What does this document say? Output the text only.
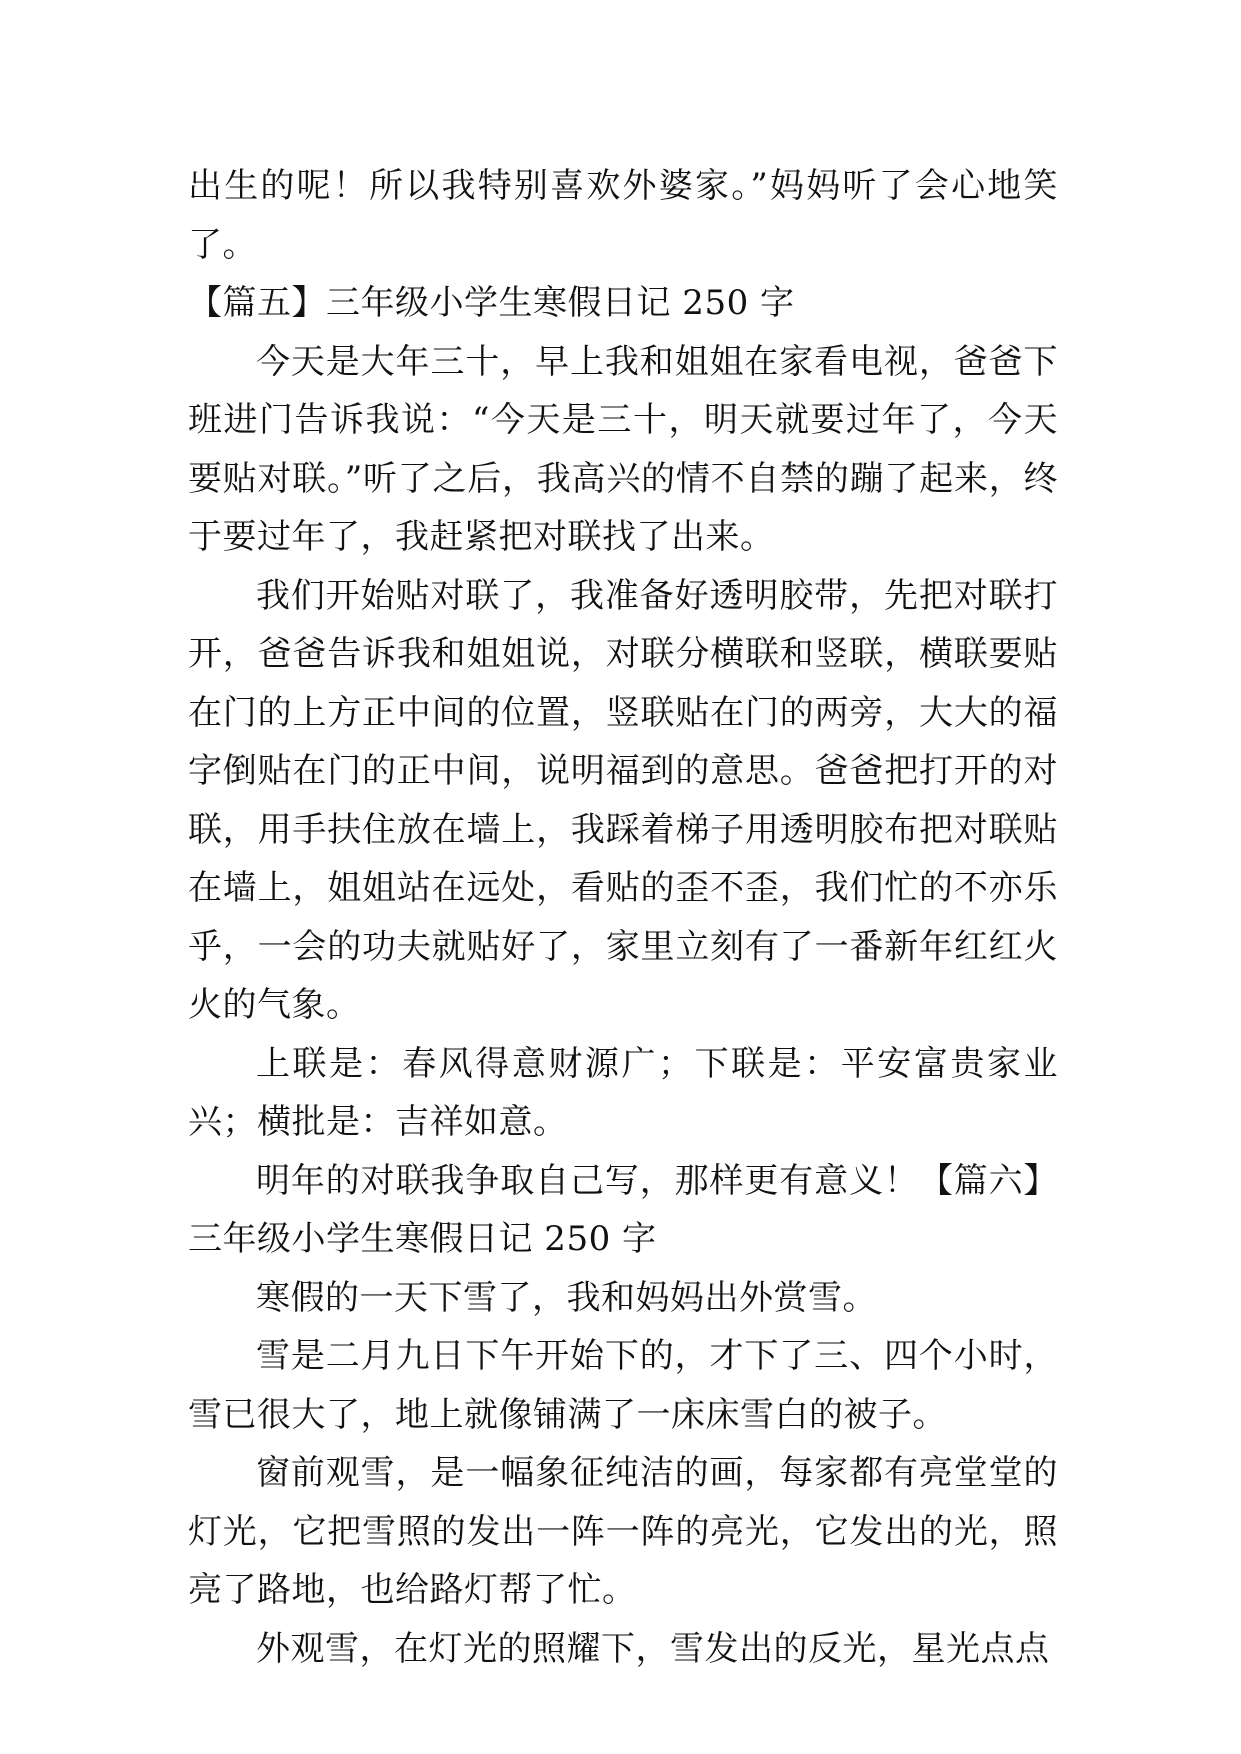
出生的呢！所以我特别喜欢外婆家。”妈妈听了会心地笑了。

【篇五】三年级小学生寒假日记 250 字

今天是大年三十，早上我和姐姐在家看电视，爸爸下班进门告诉我说：“今天是三十，明天就要过年了，今天要贴对联。”听了之后，我高兴的情不自禁的蹦了起来，终于要过年了，我赶紧把对联找了出来。

我们开始贴对联了，我准备好透明胶带，先把对联打开，爸爸告诉我和姐姐说，对联分横联和竖联，横联要贴在门的上方正中间的位置，竖联贴在门的两旁，大大的福字倒贴在门的正中间，说明福到的意思。爸爸把打开的对联，用手扶住放在墙上，我踩着梯子用透明胶布把对联贴在墙上，姐姐站在远处，看贴的歪不歪，我们忙的不亦乐乎，一会的功夫就贴好了，家里立刻有了一番新年红红火火的气象。

上联是：春风得意财源广；下联是：平安富贵家业兴；横批是：吉祥如意。

明年的对联我争取自己写，那样更有意义！【篇六】三年级小学生寒假日记 250 字

寒假的一天下雪了，我和妈妈出外赏雪。

雪是二月九日下午开始下的，才下了三、四个小时，雪已很大了，地上就像铺满了一床床雪白的被子。

窗前观雪，是一幅象征纯洁的画，每家都有亮堂堂的灯光，它把雪照的发出一阵一阵的亮光，它发出的光，照亮了路地，也给路灯帮了忙。

外观雪，在灯光的照耀下，雪发出的反光，星光点点
